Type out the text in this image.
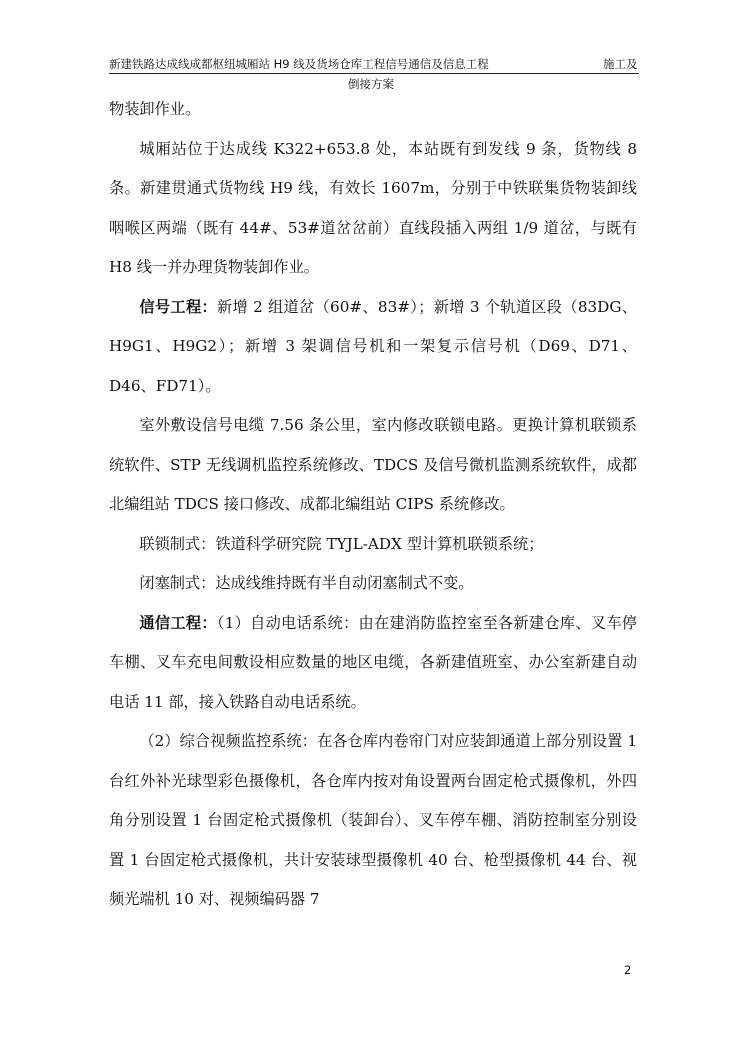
新建铁路达成线成都枢纽城厢站 H9 线及货场仓库工程信号通信及信息工程	施工及
倒接方案

物装卸作业。

城厢站位于达成线 K322+653.8 处，本站既有到发线 9 条，货物线 8 条。新建贯通式货物线 H9 线，有效长 1607m，分别于中铁联集货物装卸线咽喉区两端（既有 44#、53#道岔岔前）直线段插入两组 1/9 道岔，与既有 H8 线一并办理货物装卸作业。

信号工程：新增 2 组道岔（60#、83#）；新增 3 个轨道区段（83DG、H9G1、H9G2）；新增 3 架调信号机和一架复示信号机（D69、D71、D46、FD71）。

室外敷设信号电缆 7.56 条公里，室内修改联锁电路。更换计算机联锁系统软件、STP 无线调机监控系统修改、TDCS 及信号微机监测系统软件，成都北编组站 TDCS 接口修改、成都北编组站 CIPS 系统修改。

联锁制式：铁道科学研究院 TYJL-ADX 型计算机联锁系统；

闭塞制式：达成线维持既有半自动闭塞制式不变。

通信工程：（1）自动电话系统：由在建消防监控室至各新建仓库、叉车停车棚、叉车充电间敷设相应数量的地区电缆，各新建值班室、办公室新建自动电话 11 部，接入铁路自动电话系统。

（2）综合视频监控系统：在各仓库内卷帘门对应装卸通道上部分别设置 1 台红外补光球型彩色摄像机，各仓库内按对角设置两台固定枪式摄像机，外四角分别设置 1 台固定枪式摄像机（装卸台）、叉车停车棚、消防控制室分别设置 1 台固定枪式摄像机，共计安装球型摄像机 40 台、枪型摄像机 44 台、视频光端机 10 对、视频编码器 7

2
